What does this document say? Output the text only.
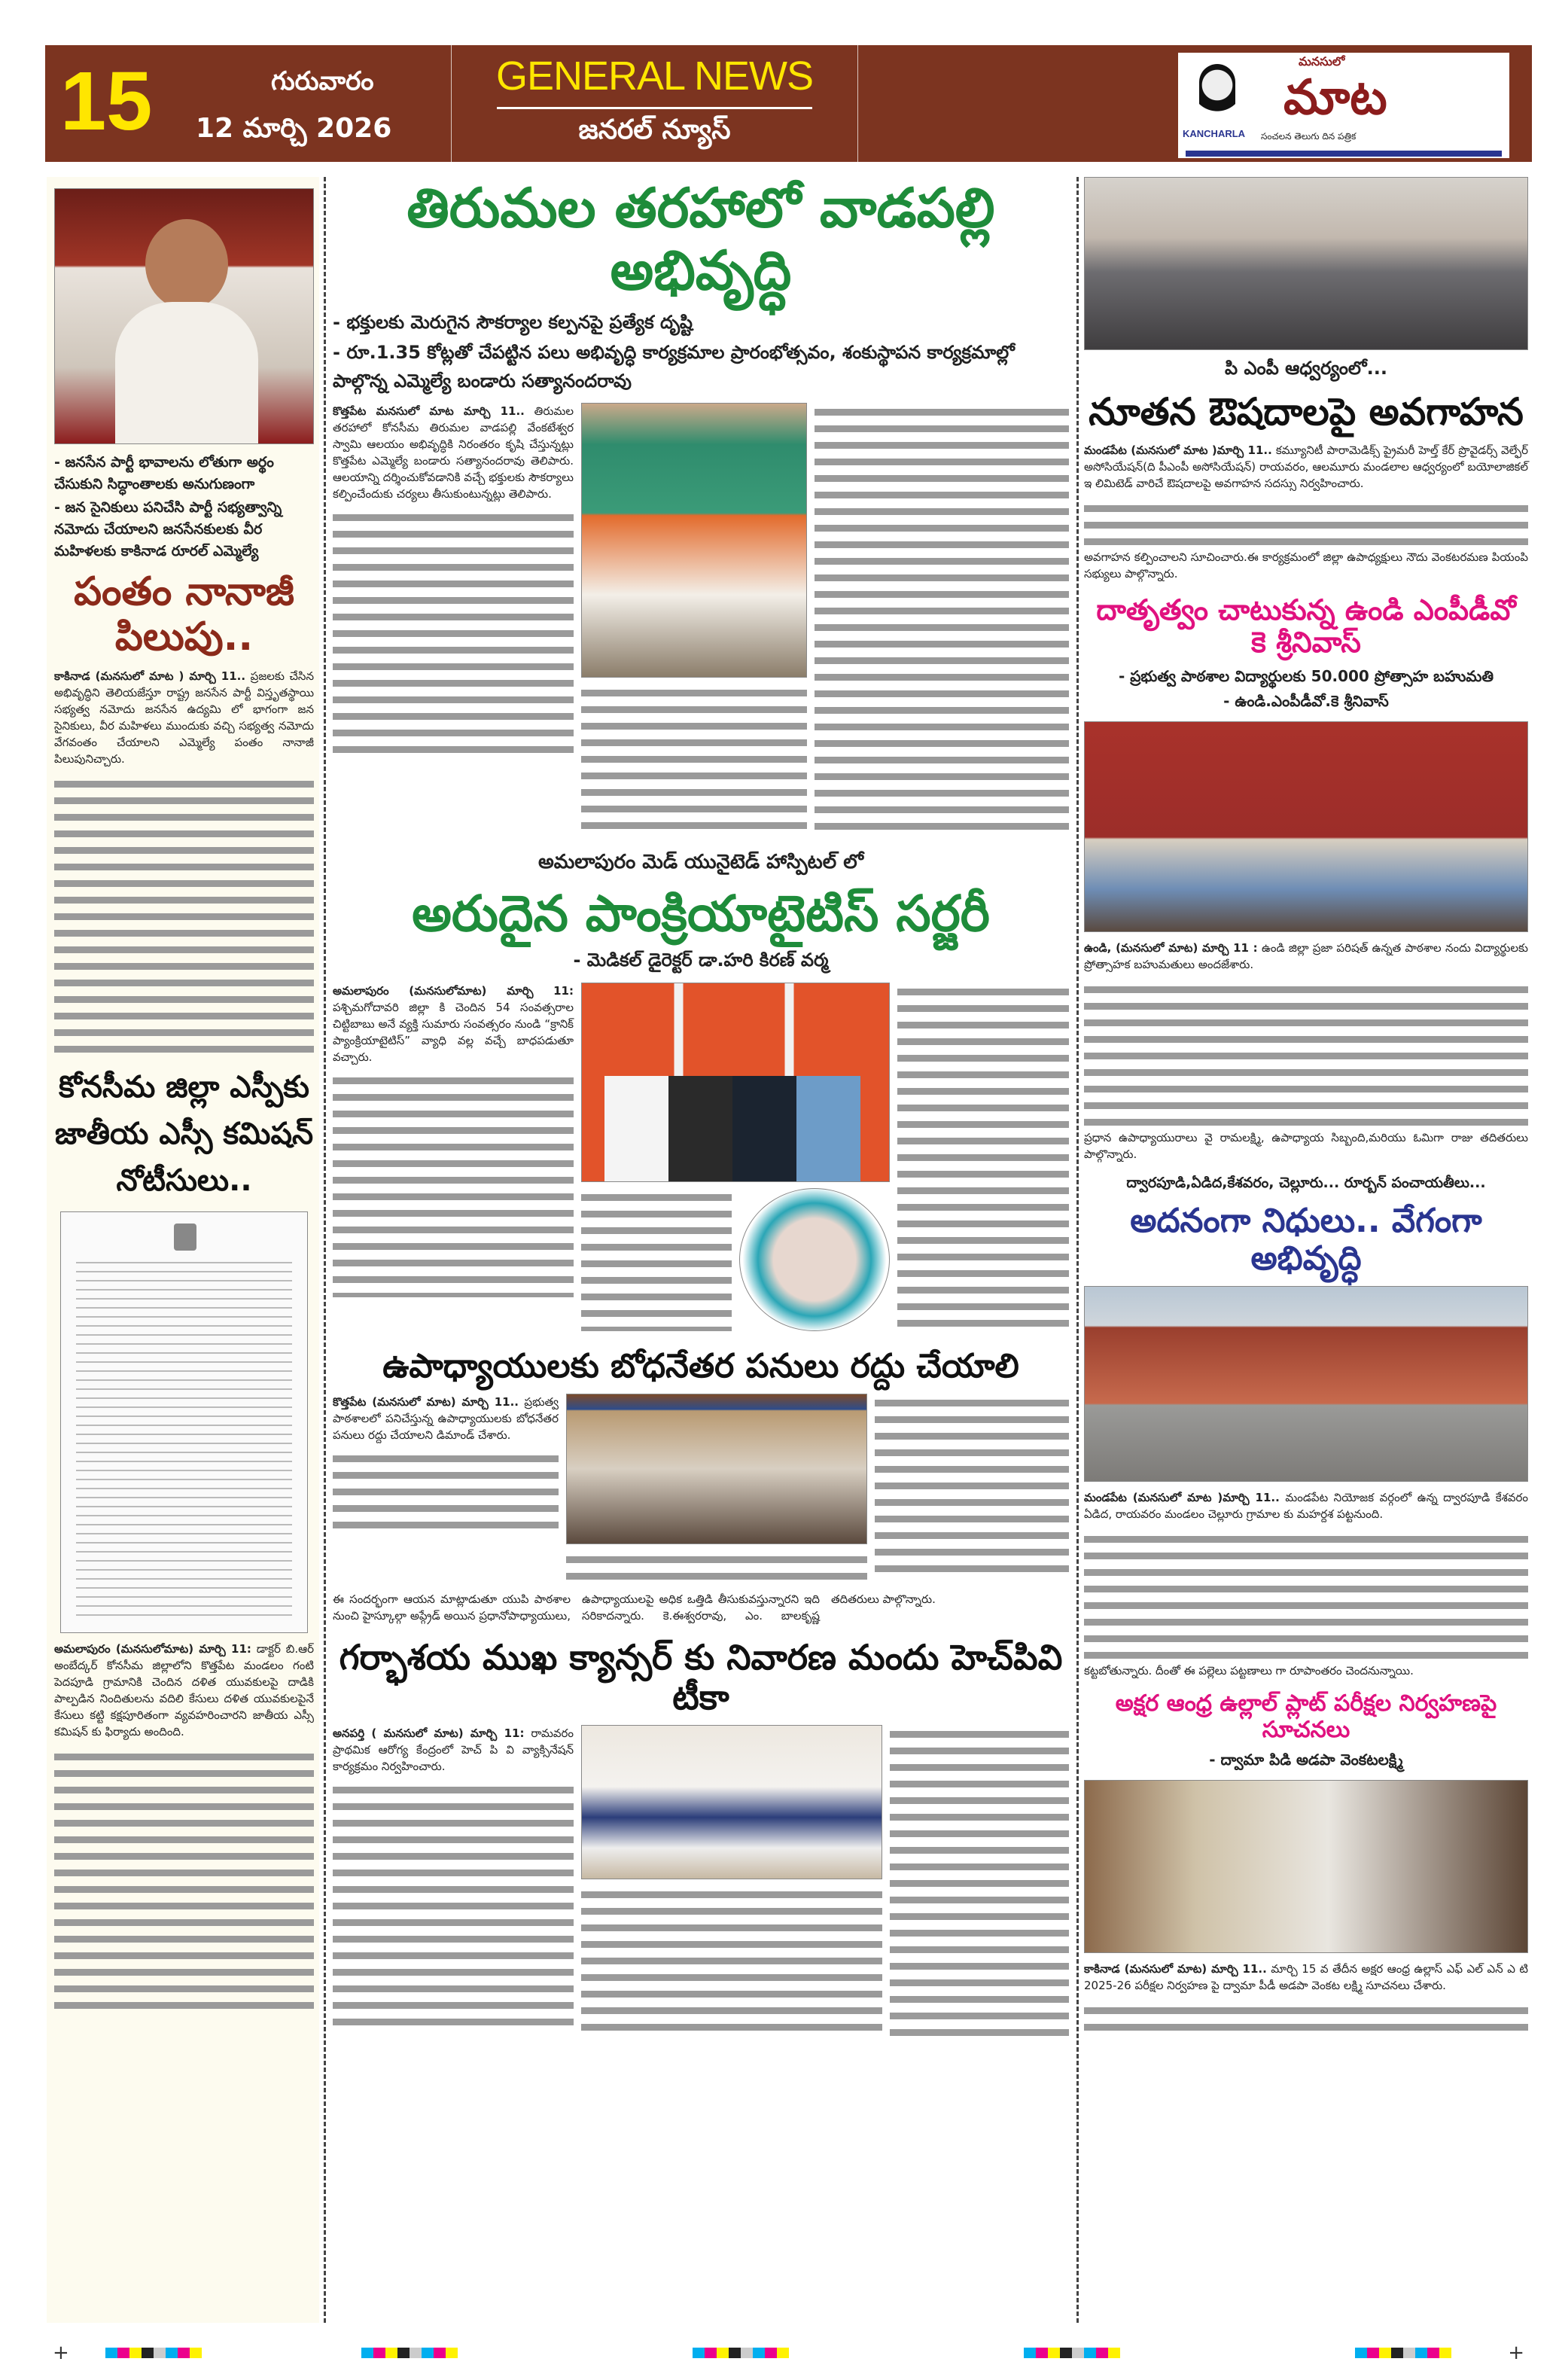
15	గురువారం
12 మార్చి 2026
GENERAL NEWS
జనరల్ న్యూస్	KANCHARLA
మనసులో
మాట
సంచలన తెలుగు దిన పత్రిక
- జనసేన పార్టీ భావాలను లోతుగా అర్థం చేసుకుని సిద్ధాంతాలకు అనుగుణంగా
- జన సైనికులు పనిచేసి పార్టీ సభ్యత్వాన్ని నమోదు చేయాలని జనసేనకులకు వీర మహిళలకు కాకినాడ రూరల్ ఎమ్మెల్యే
పంతం నానాజీ పిలుపు..
కాకినాడ (మనసులో మాట ) మార్చి 11.. ప్రజలకు చేసిన అభివృద్ధిని తెలియజేస్తూ రాష్ట్ర జనసేన పార్టీ విస్తృతస్థాయి సభ్యత్వ నమోదు జనసేన ఉద్యమి లో భాగంగా జన సైనికులు, వీర మహిళలు ముందుకు వచ్చి సభ్యత్వ నమోదు వేగవంతం చేయాలని ఎమ్మెల్యే పంతం నానాజీ పిలుపునిచ్చారు.
కోనసీమ జిల్లా ఎస్పీకు జాతీయ ఎస్సీ కమిషన్ నోటీసులు..
అమలాపురం (మనసులోమాట) మార్చి 11: డాక్టర్ బి.ఆర్ అంబేద్కర్ కోనసీమ జిల్లాలోని కొత్తపేట మండలం గంటి పెదపూడి గ్రామానికి చెందిన దళిత యువకులపై దాడికి పాల్పడిన నిందితులను వదిలి కేసులు దళిత యువకులపైనే కేసులు కట్టి కక్షపూరితంగా వ్యవహరించారని జాతీయ ఎస్సీ కమిషన్ కు ఫిర్యాదు అందింది.
తిరుమల తరహాలో వాడపల్లి అభివృద్ధి
- భక్తులకు మెరుగైన సౌకర్యాల కల్పనపై ప్రత్యేక దృష్టి
- రూ.1.35 కోట్లతో చేపట్టిన పలు అభివృద్ధి కార్యక్రమాల ప్రారంభోత్సవం, శంకుస్థాపన కార్యక్రమాల్లో పాల్గొన్న ఎమ్మెల్యే బండారు సత్యానందరావు
కొత్తపేట మనసులో మాట మార్చి 11.. తిరుమల తరహాలో కోనసీమ తిరుమల వాడపల్లి వేంకటేశ్వర స్వామి ఆలయం అభివృద్ధికి నిరంతరం కృషి చేస్తున్నట్లు కొత్తపేట ఎమ్మెల్యే బండారు సత్యానందరావు తెలిపారు. ఆలయాన్ని దర్శించుకోవడానికి వచ్చే భక్తులకు సౌకర్యాలు కల్పించేందుకు చర్యలు తీసుకుంటున్నట్లు తెలిపారు.
అమలాపురం మెడ్ యునైటెడ్ హాస్పిటల్ లో
అరుదైన పాంక్రియాటైటిస్ సర్జరీ
- మెడికల్ డైరెక్టర్ డా.హరి కిరణ్ వర్మ
అమలాపురం (మనసులోమాట) మార్చి 11: పశ్చిమగోదావరి జిల్లా కి చెందిన 54 సంవత్సరాల చిట్టిబాబు అనే వ్యక్తి సుమారు సంవత్సరం నుండి “క్రానిక్ ప్యాంక్రియాటైటిస్” వ్యాధి వల్ల వచ్చే బాధపడుతూ వచ్చారు.
ఉపాధ్యాయులకు బోధనేతర పనులు రద్దు చేయాలి
కొత్తపేట (మనసులో మాట) మార్చి 11.. ప్రభుత్వ పాఠశాలలో పనిచేస్తున్న ఉపాధ్యాయులకు బోధనేతర పనులు రద్దు చేయాలని డిమాండ్ చేశారు.
ఈ సందర్భంగా ఆయన మాట్లాడుతూ యుపి పాఠశాల నుంచి హైస్కూల్గా అప్గ్రేడ్ అయిన ప్రధానోపాధ్యాయులు, ఉపాధ్యాయులపై అధిక ఒత్తిడి తీసుకువస్తున్నారని ఇది సరికాదన్నారు. కె.ఈశ్వరరావు, ఎం. బాలకృష్ణ తదితరులు పాల్గొన్నారు.
గర్భాశయ ముఖ క్యాన్సర్ కు నివారణ మందు హెచ్‌పివి టీకా
అనపర్తి ( మనసులో మాట) మార్చి 11: రామవరం ప్రాథమిక ఆరోగ్య కేంద్రంలో హెచ్ పి వి వ్యాక్సినేషన్ కార్యక్రమం నిర్వహించారు.
పి ఎంపీ ఆధ్వర్యంలో...
నూతన ఔషదాలపై అవగాహన
మండపేట (మనసులో మాట )మార్చి 11.. కమ్యూనిటీ పారామెడిక్స్ ప్రైమరీ హెల్త్ కేర్ ప్రొవైడర్స్ వెల్ఫేర్ అసోసియేషన్(ది పీఎంపీ అసోసియేషన్) రాయవరం, ఆలమూరు మండలాల ఆధ్వర్యంలో బయోలాజికల్ ఇ లిమిటెడ్ వారిచే ఔషదాలపై అవగాహన సదస్సు నిర్వహించారు.
అవగాహన కల్పించాలని సూచించారు.ఈ కార్యక్రమంలో జిల్లా ఉపాధ్యక్షులు నౌదు వెంకటరమణ పియంపి సభ్యులు పాల్గొన్నారు.
దాతృత్వం చాటుకున్న ఉండి ఎంపీడీవో కె శ్రీనివాస్
- ప్రభుత్వ పాఠశాల విద్యార్థులకు 50.000 ప్రోత్సాహ బహుమతి
- ఉండి.ఎంపీడీవో.కె శ్రీనివాస్
ఉండి, (మనసులో మాట) మార్చి 11 : ఉండి జిల్లా ప్రజా పరిషత్ ఉన్నత పాఠశాల నందు విద్యార్థులకు ప్రోత్సాహక బహుమతులు అందజేశారు.
ప్రధాన ఉపాధ్యాయురాలు వై రామలక్ష్మి, ఉపాధ్యాయ సిబ్బంది,మరియు ఓమిగా రాజు తదితరులు పాల్గొన్నారు.
ద్వారపూడి,ఏడిద,కేశవరం, చెల్లూరు... రూర్బన్ పంచాయతీలు...
అదనంగా నిధులు.. వేగంగా అభివృద్ధి
మండపేట (మనసులో మాట )మార్చి 11.. మండపేట నియోజక వర్గంలో ఉన్న ద్వారపూడి కేశవరం ఏడిద, రాయవరం మండలం చెల్లూరు గ్రామాల కు మహర్దశ పట్టనుంది.
కట్టబోతున్నారు. దీంతో ఈ పల్లెలు పట్టణాలు గా రూపాంతరం చెందనున్నాయి.
అక్షర ఆంధ్ర ఉల్లాల్ ప్లాట్ పరీక్షల నిర్వహణపై సూచనలు
- ద్వామా పిడి అడపా వెంకటలక్ష్మి
కాకినాడ (మనసులో మాట) మార్చి 11.. మార్చి 15 వ తేదీన అక్షర ఆంధ్ర ఉల్లాస్ ఎఫ్ ఎల్ ఎన్ ఎ టి 2025-26 పరీక్షల నిర్వహణ పై ద్వామా పీడీ అడపా వెంకట లక్ష్మి సూచనలు చేశారు.
+	+
